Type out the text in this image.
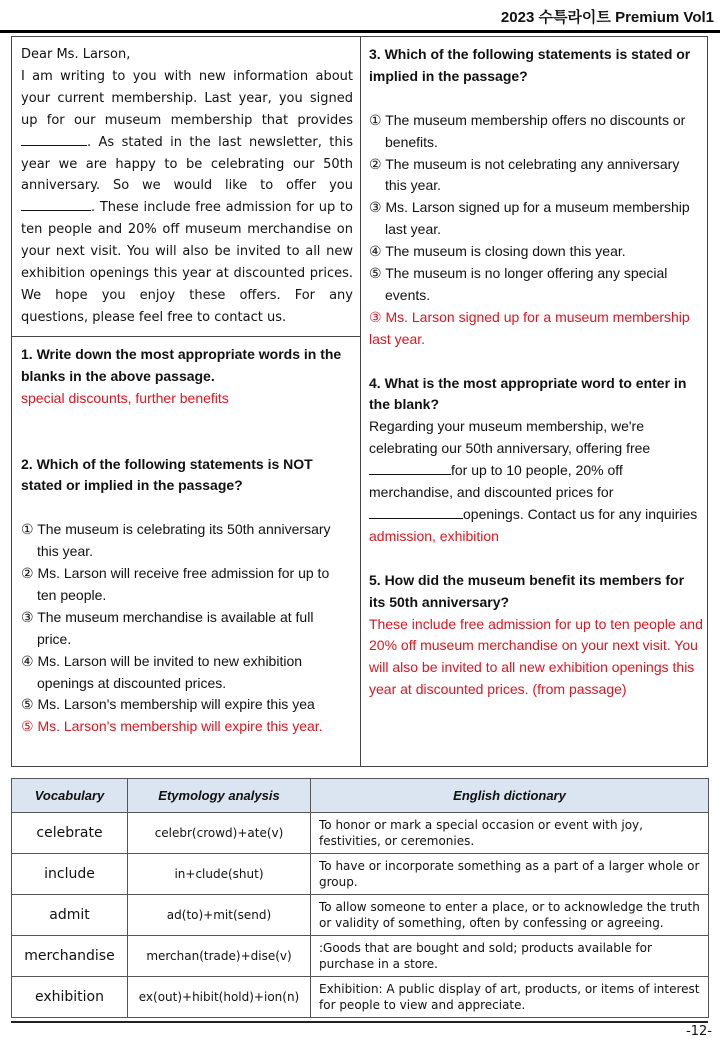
2023 수특라이트 Premium Vol1

Dear Ms. Larson,

I am writing to you with new information about your current membership. Last year, you signed up for our museum membership that provides . As stated in the last newsletter, this year we are happy to be celebrating our 50th anniversary. So we would like to offer you . These include free admission for up to ten people and 20% off museum merchandise on your next visit. You will also be invited to all new exhibition openings this year at discounted prices. We hope you enjoy these offers. For any questions, please feel free to contact us.

1. Write down the most appropriate words in the blanks in the above passage.
special discounts, further benefits
2. Which of the following statements is NOT stated or implied in the passage?
① The museum is celebrating its 50th anniversary this year.
② Ms. Larson will receive free admission for up to ten people.
③ The museum merchandise is available at full price.
④ Ms. Larson will be invited to new exhibition openings at discounted prices.
⑤ Ms. Larson's membership will expire this yea
⑤ Ms. Larson's membership will expire this year.
3. Which of the following statements is stated or implied in the passage?
① The museum membership offers no discounts or benefits.
② The museum is not celebrating any anniversary this year.
③ Ms. Larson signed up for a museum membership last year.
④ The museum is closing down this year.
⑤ The museum is no longer offering any special events.
③ Ms. Larson signed up for a museum membership last year.
4. What is the most appropriate word to enter in the blank?
Regarding your museum membership, we're celebrating our 50th anniversary, offering free for up to 10 people, 20% off merchandise, and discounted prices for openings. Contact us for any inquiries
admission, exhibition
5. How did the museum benefit its members for its 50th anniversary?
These include free admission for up to ten people and 20% off museum merchandise on your next visit. You will also be invited to all new exhibition openings this year at discounted prices. (from passage)
Vocabulary	Etymology analysis	English dictionary
celebrate	celebr(crowd)+ate(v)	To honor or mark a special occasion or event with joy, festivities, or ceremonies.
include	in+clude(shut)	To have or incorporate something as a part of a larger whole or group.
admit	ad(to)+mit(send)	To allow someone to enter a place, or to acknowledge the truth or validity of something, often by confessing or agreeing.
merchandise	merchan(trade)+dise(v)	:Goods that are bought and sold; products available for purchase in a store.
exhibition	ex(out)+hibit(hold)+ion(n)	Exhibition: A public display of art, products, or items of interest for people to view and appreciate.
-12-
